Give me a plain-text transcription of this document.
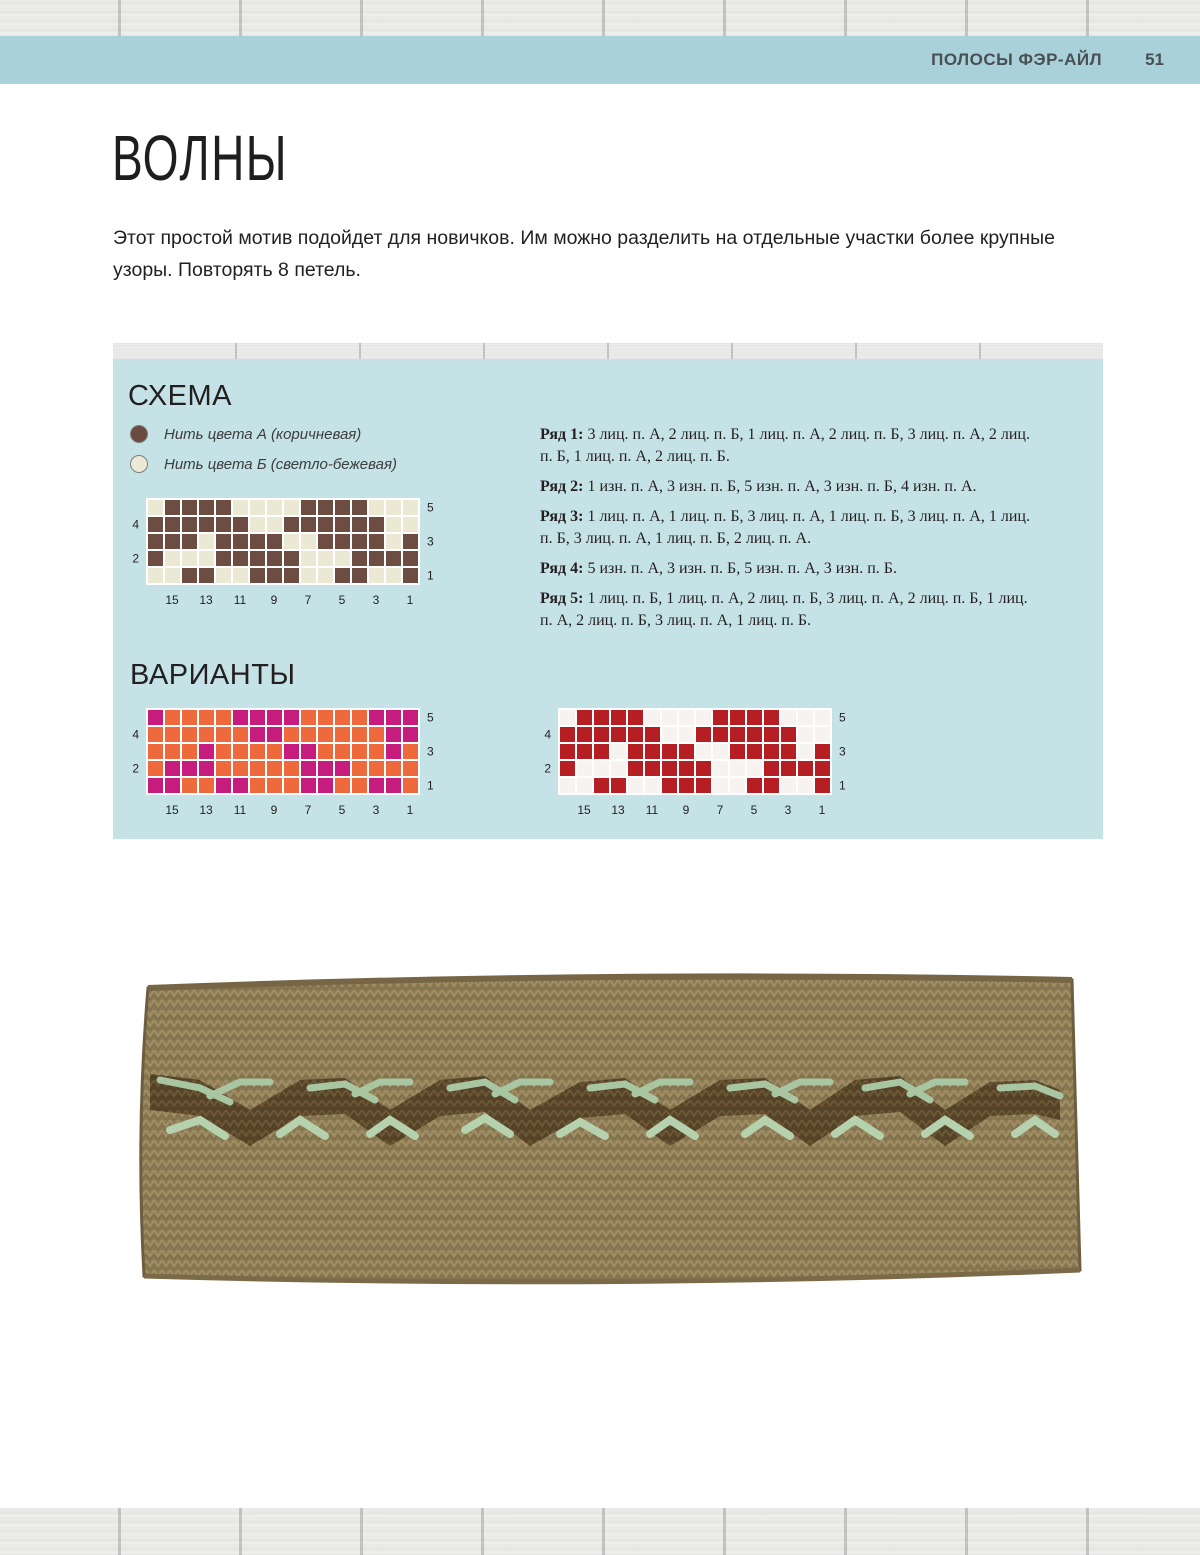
ПОЛОСЫ ФЭР-АЙЛ	51
ВОЛНЫ
Этот простой мотив подойдет для новичков. Им можно разделить на отдельные участки более крупные узоры. Повторять 8 петель.
СХЕМА
Нить цвета А (коричневая)
Нить цвета Б (светло-бежевая)
15 13 11 9 7 5 3 1
4
2
5
3
1
Ряд 1: 3 лиц. п. А, 2 лиц. п. Б, 1 лиц. п. А, 2 лиц. п. Б, 3 лиц. п. А, 2 лиц. п. Б, 1 лиц. п. А, 2 лиц. п. Б.
Ряд 2: 1 изн. п. А, 3 изн. п. Б, 5 изн. п. А, 3 изн. п. Б, 4 изн. п. А.
Ряд 3: 1 лиц. п. А, 1 лиц. п. Б, 3 лиц. п. А, 1 лиц. п. Б, 3 лиц. п. А, 1 лиц. п. Б, 3 лиц. п. А, 1 лиц. п. Б, 2 лиц. п. А.
Ряд 4: 5 изн. п. А, 3 изн. п. Б, 5 изн. п. А, 3 изн. п. Б.
Ряд 5: 1 лиц. п. Б, 1 лиц. п. А, 2 лиц. п. Б, 3 лиц. п. А, 2 лиц. п. Б, 1 лиц. п. А, 2 лиц. п. Б, 3 лиц. п. А, 1 лиц. п. Б.
ВАРИАНТЫ
15 13 11 9 7 5 3 1
4
2
5
3
1
15 13 11 9 7 5 3 1
4
2
5
3
1
